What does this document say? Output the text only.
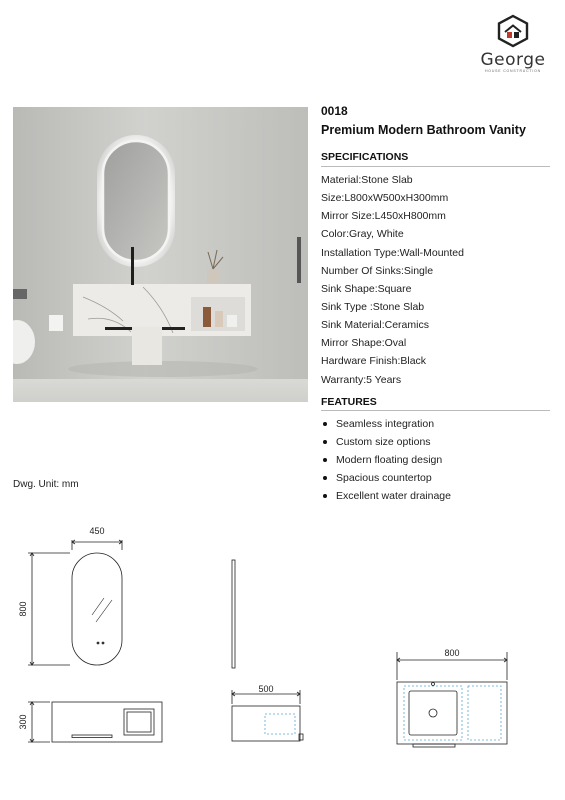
George
HOUSE CONSTRUCTION
0018
Premium Modern Bathroom Vanity
SPECIFICATIONS
Material:Stone Slab
Size:L800xW500xH300mm
Mirror Size:L450xH800mm
Color:Gray, White
Installation Type:Wall-Mounted
Number Of Sinks:Single
Sink Shape:Square
Sink Type :Stone Slab
Sink Material:Ceramics
Mirror Shape:Oval
Hardware Finish:Black
Warranty:5 Years
FEATURES
Seamless integration
Custom size options
Modern floating design
Spacious countertop
Excellent water drainage
Dwg. Unit: mm
450
800
300
500
800
